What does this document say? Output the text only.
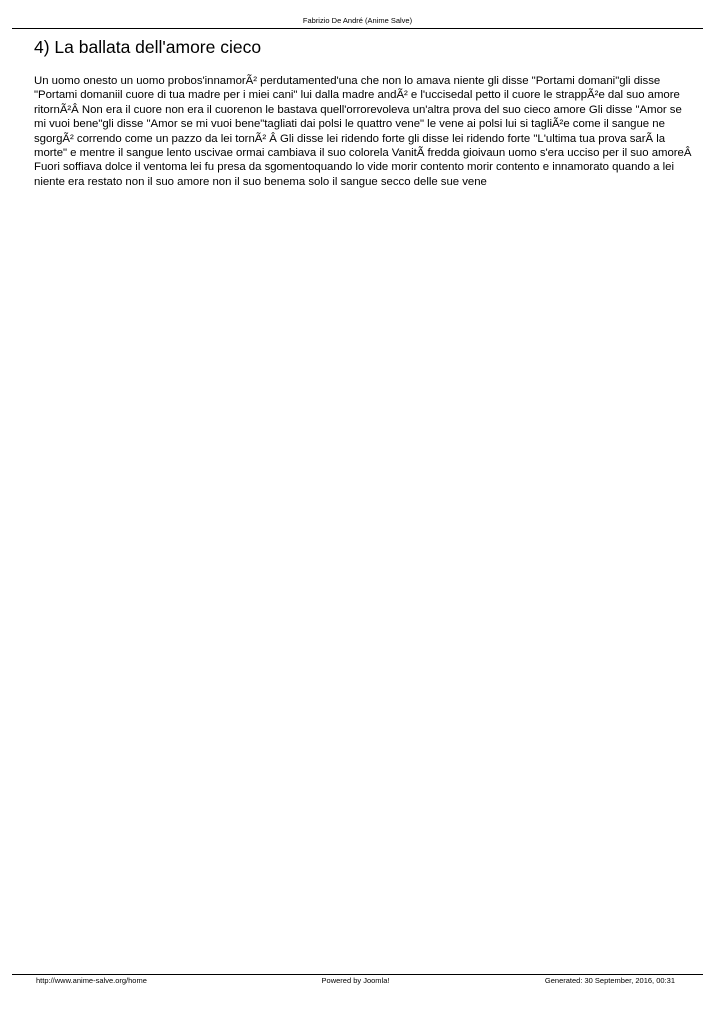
Fabrizio De André (Anime Salve)
4) La ballata dell'amore cieco

Un uomo onesto un uomo probos'innamorÃ² perdutamented'una che non lo amava niente gli disse "Portami domani"gli disse "Portami domaniil cuore di tua madre per i miei cani" lui dalla madre andÃ² e l'uccisedal petto il cuore le strappÃ²e dal suo amore ritornÃ²Â Non era il cuore non era il cuorenon le bastava quell'orrorevoleva un'altra prova del suo cieco amore Gli disse "Amor se mi vuoi bene"gli disse "Amor se mi vuoi bene"tagliati dai polsi le quattro vene" le vene ai polsi lui si tagliÃ²e come il sangue ne sgorgÃ² correndo come un pazzo da lei tornÃ² Â Gli disse lei ridendo forte gli disse lei ridendo forte "L'ultima tua prova sarÃ la morte" e mentre il sangue lento uscivae ormai cambiava il suo colorela VanitÃ fredda gioivaun uomo s'era ucciso per il suo amoreÂ Fuori soffiava dolce il ventoma lei fu presa da sgomentoquando lo vide morir contento morir contento e innamorato quando a lei niente era restato non il suo amore non il suo benema solo il sangue secco delle sue vene

http://www.anime-salve.org/home	Powered by Joomla!	Generated: 30 September, 2016, 00:31
